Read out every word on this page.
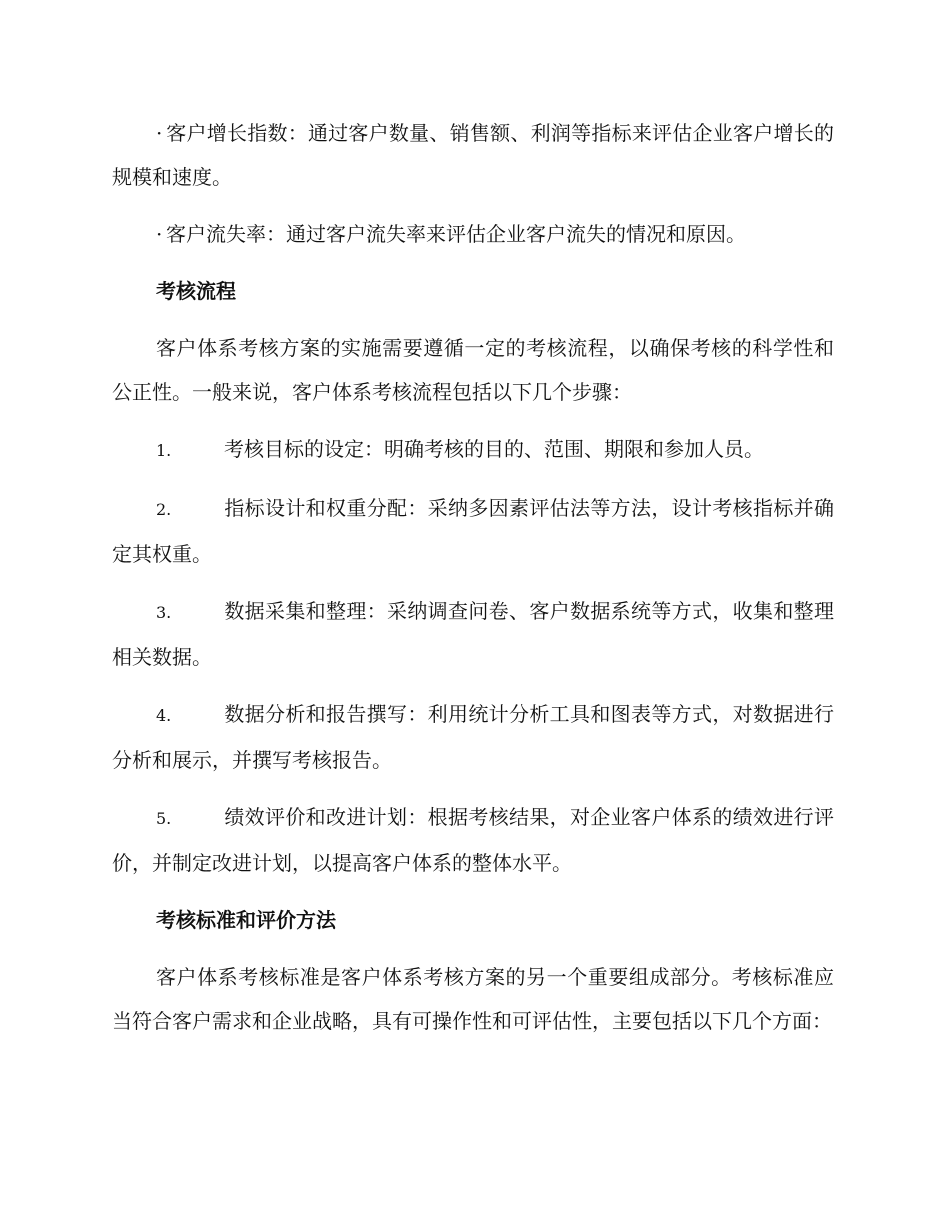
· 客户增长指数：通过客户数量、销售额、利润等指标来评估企业客户增长的规模和速度。

· 客户流失率：通过客户流失率来评估企业客户流失的情况和原因。

考核流程

客户体系考核方案的实施需要遵循一定的考核流程，以确保考核的科学性和公正性。一般来说，客户体系考核流程包括以下几个步骤：

1.	考核目标的设定：明确考核的目的、范围、期限和参加人员。

2.	指标设计和权重分配：采纳多因素评估法等方法，设计考核指标并确定其权重。

3.	数据采集和整理：采纳调查问卷、客户数据系统等方式，收集和整理相关数据。

4.	数据分析和报告撰写：利用统计分析工具和图表等方式，对数据进行分析和展示，并撰写考核报告。

5.	绩效评价和改进计划：根据考核结果，对企业客户体系的绩效进行评价，并制定改进计划，以提高客户体系的整体水平。

考核标准和评价方法

客户体系考核标准是客户体系考核方案的另一个重要组成部分。考核标准应当符合客户需求和企业战略，具有可操作性和可评估性，主要包括以下几个方面：
